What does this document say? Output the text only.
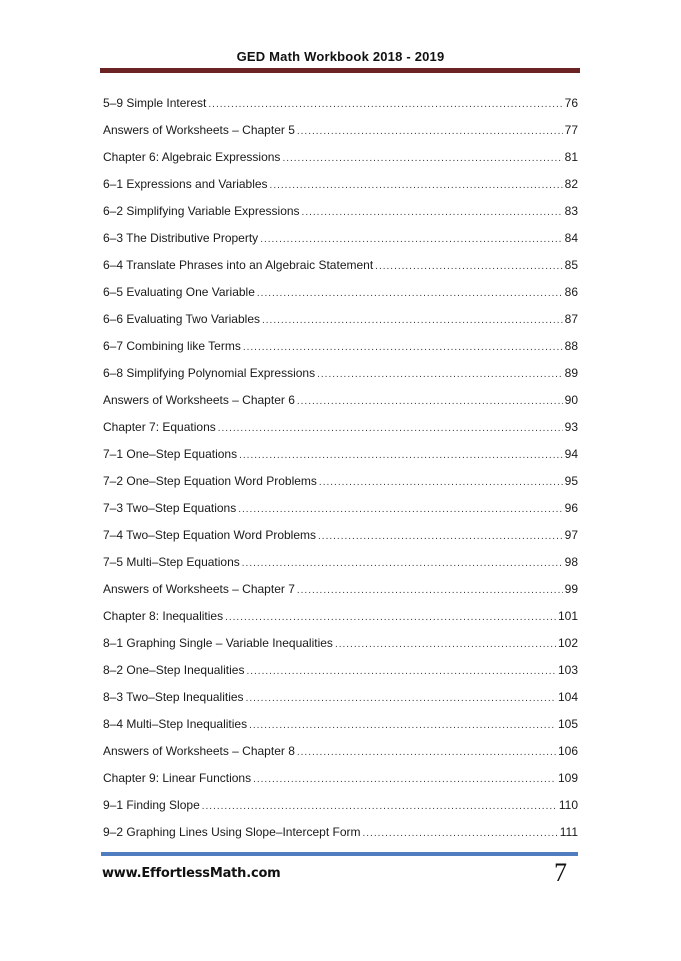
GED Math Workbook 2018 - 2019
5–9 Simple Interest .....	76
Answers of Worksheets – Chapter 5 .....	77
Chapter 6: Algebraic Expressions .....	81
6–1 Expressions and Variables .....	82
6–2 Simplifying Variable Expressions .....	83
6–3 The Distributive Property .....	84
6–4 Translate Phrases into an Algebraic Statement .....	85
6–5 Evaluating One Variable .....	86
6–6 Evaluating Two Variables .....	87
6–7 Combining like Terms .....	88
6–8 Simplifying Polynomial Expressions .....	89
Answers of Worksheets – Chapter 6 .....	90
Chapter 7: Equations .....	93
7–1 One–Step Equations .....	94
7–2 One–Step Equation Word Problems .....	95
7–3 Two–Step Equations .....	96
7–4 Two–Step Equation Word Problems .....	97
7–5 Multi–Step Equations .....	98
Answers of Worksheets – Chapter 7 .....	99
Chapter 8: Inequalities .....	101
8–1 Graphing Single – Variable Inequalities .....	102
8–2 One–Step Inequalities .....	103
8–3 Two–Step Inequalities .....	104
8–4 Multi–Step Inequalities .....	105
Answers of Worksheets – Chapter 8 .....	106
Chapter 9: Linear Functions .....	109
9–1 Finding Slope .....	110
9–2 Graphing Lines Using Slope–Intercept Form .....	111
www.EffortlessMath.com	7
